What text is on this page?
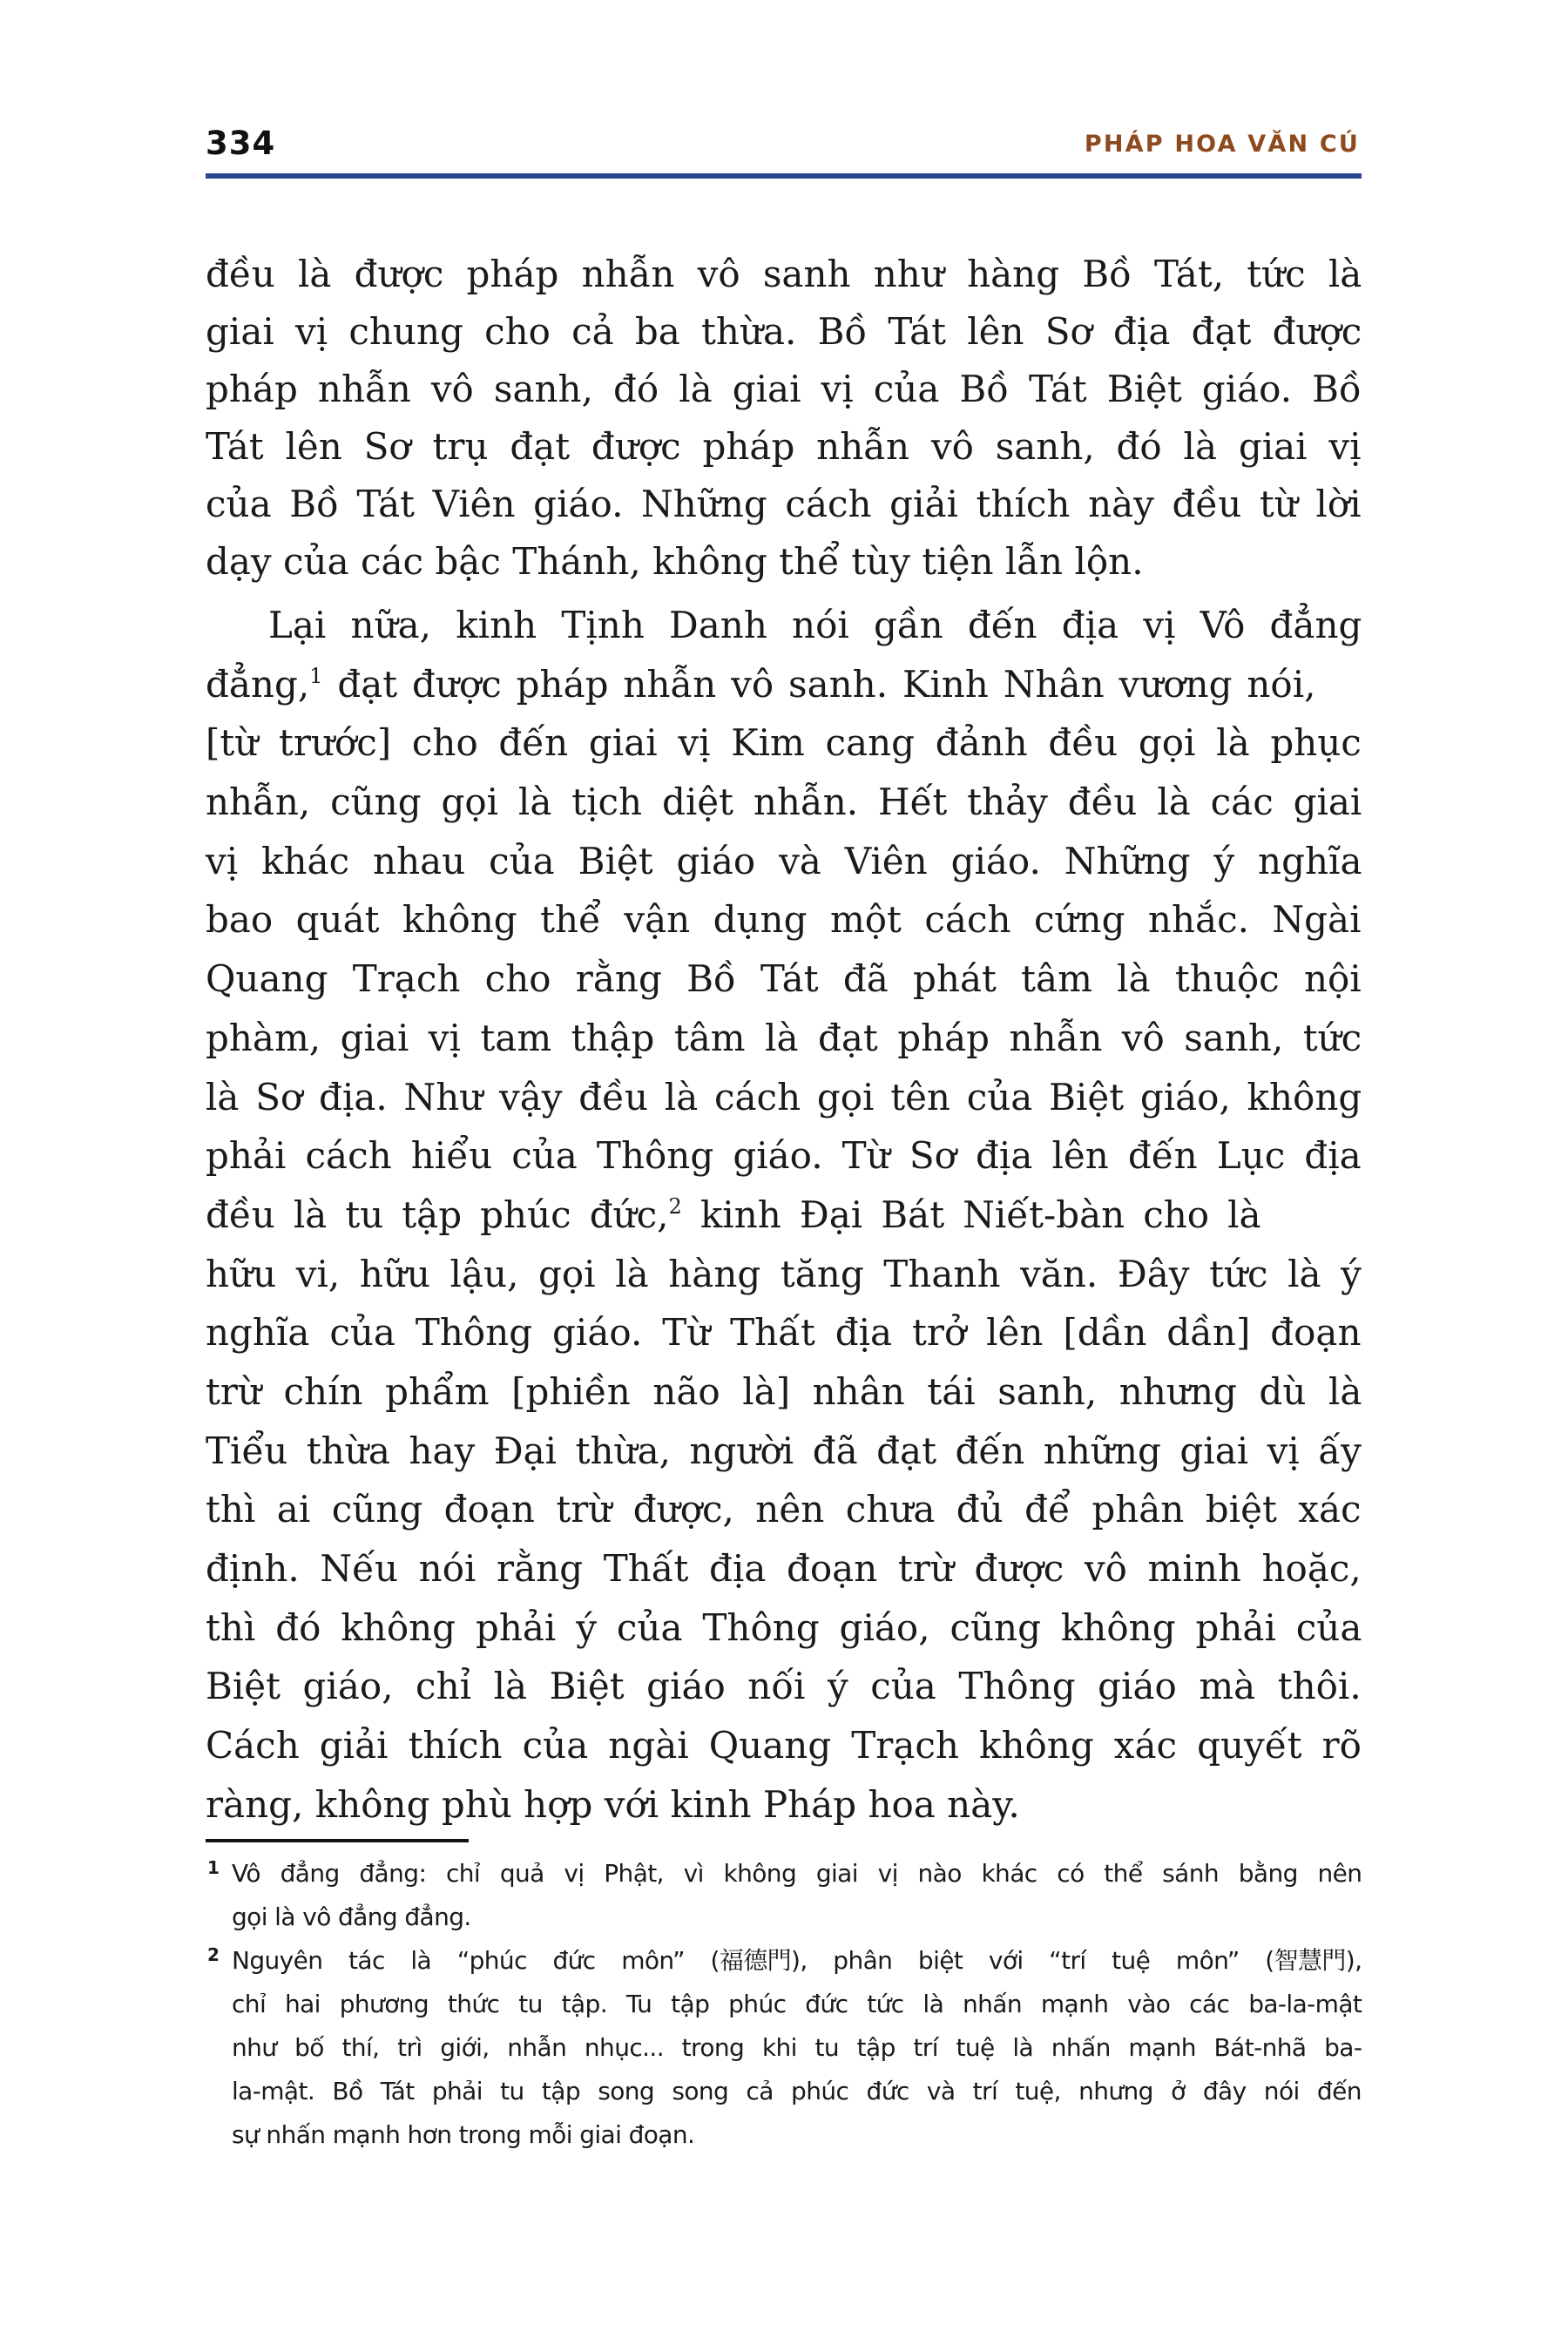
334	PHÁP HOA VĂN CÚ
đều là được pháp nhẫn vô sanh như hàng Bồ Tát, tức là
giai vị chung cho cả ba thừa. Bồ Tát lên Sơ địa đạt được
pháp nhẫn vô sanh, đó là giai vị của Bồ Tát Biệt giáo. Bồ
Tát lên Sơ trụ đạt được pháp nhẫn vô sanh, đó là giai vị
của Bồ Tát Viên giáo. Những cách giải thích này đều từ lời
dạy của các bậc Thánh, không thể tùy tiện lẫn lộn.
Lại nữa, kinh Tịnh Danh nói gần đến địa vị Vô đẳng
đẳng,$^1$ đạt được pháp nhẫn vô sanh. Kinh Nhân vương nói,
[từ trước] cho đến giai vị Kim cang đảnh đều gọi là phục
nhẫn, cũng gọi là tịch diệt nhẫn. Hết thảy đều là các giai
vị khác nhau của Biệt giáo và Viên giáo. Những ý nghĩa
bao quát không thể vận dụng một cách cứng nhắc. Ngài
Quang Trạch cho rằng Bồ Tát đã phát tâm là thuộc nội
phàm, giai vị tam thập tâm là đạt pháp nhẫn vô sanh, tức
là Sơ địa. Như vậy đều là cách gọi tên của Biệt giáo, không
phải cách hiểu của Thông giáo. Từ Sơ địa lên đến Lục địa
đều là tu tập phúc đức,$^2$ kinh Đại Bát Niết-bàn cho là
hữu vi, hữu lậu, gọi là hàng tăng Thanh văn. Đây tức là ý
nghĩa của Thông giáo. Từ Thất địa trở lên [dần dần] đoạn
trừ chín phẩm [phiền não là] nhân tái sanh, nhưng dù là
Tiểu thừa hay Đại thừa, người đã đạt đến những giai vị ấy
thì ai cũng đoạn trừ được, nên chưa đủ để phân biệt xác
định. Nếu nói rằng Thất địa đoạn trừ được vô minh hoặc,
thì đó không phải ý của Thông giáo, cũng không phải của
Biệt giáo, chỉ là Biệt giáo nối ý của Thông giáo mà thôi.
Cách giải thích của ngài Quang Trạch không xác quyết rõ
ràng, không phù hợp với kinh Pháp hoa này.
1 Vô đẳng đẳng: chỉ quả vị Phật, vì không giai vị nào khác có thể sánh bằng nên
gọi là vô đẳng đẳng.
2 Nguyên tác là “phúc đức môn” (福德門), phân biệt với “trí tuệ môn” (智慧門),
chỉ hai phương thức tu tập. Tu tập phúc đức tức là nhấn mạnh vào các ba-la-mật
như bố thí, trì giới, nhẫn nhục... trong khi tu tập trí tuệ là nhấn mạnh Bát-nhã ba-
la-mật. Bồ Tát phải tu tập song song cả phúc đức và trí tuệ, nhưng ở đây nói đến
sự nhấn mạnh hơn trong mỗi giai đoạn.
